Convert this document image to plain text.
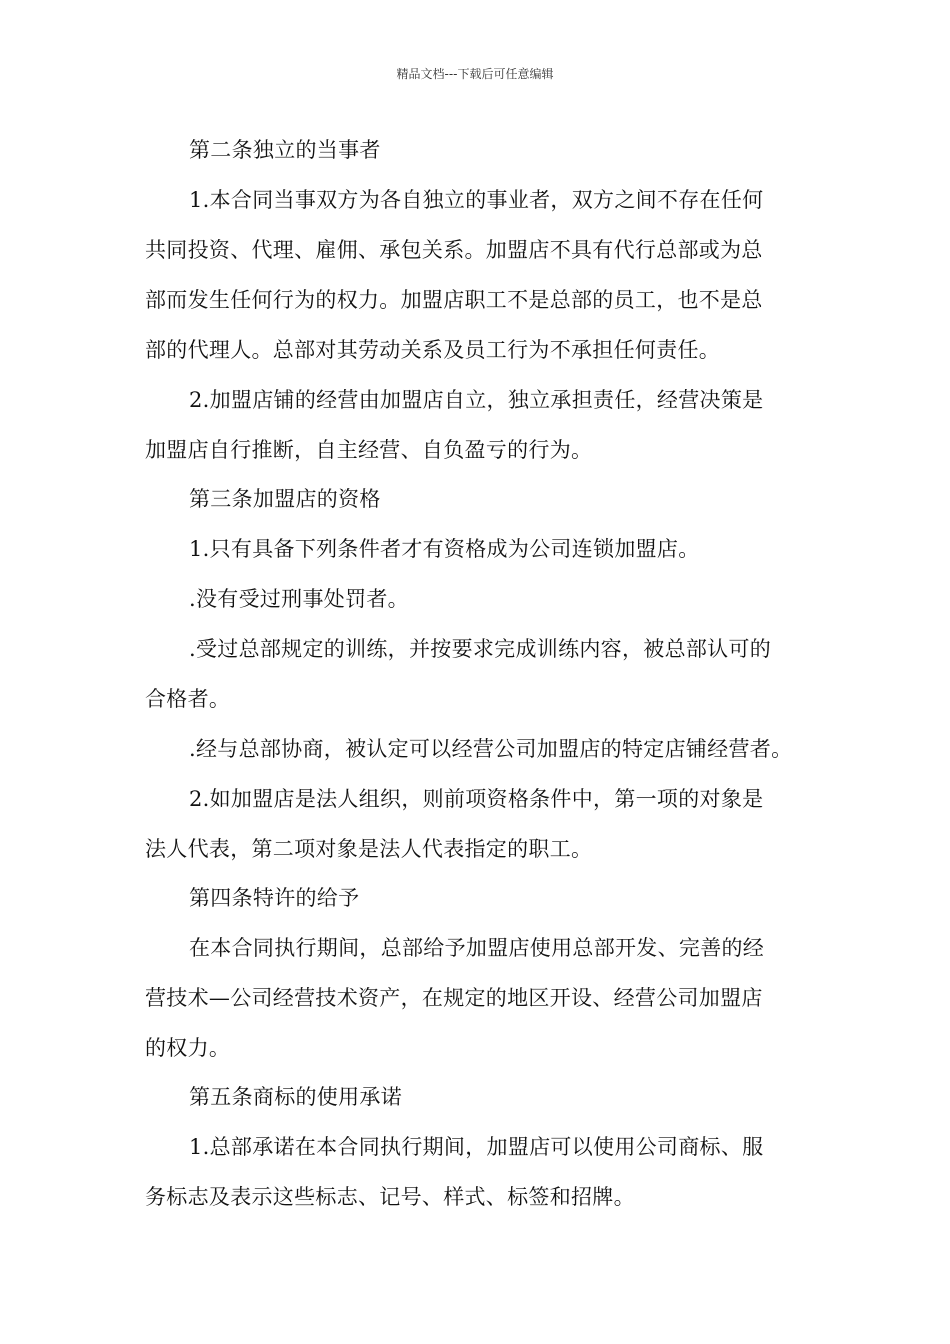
精品文档---下载后可任意编辑
第二条独立的当事者
1.本合同当事双方为各自独立的事业者，双方之间不存在任何
共同投资、代理、雇佣、承包关系。加盟店不具有代行总部或为总
部而发生任何行为的权力。加盟店职工不是总部的员工，也不是总
部的代理人。总部对其劳动关系及员工行为不承担任何责任。
2.加盟店铺的经营由加盟店自立，独立承担责任，经营决策是
加盟店自行推断，自主经营、自负盈亏的行为。
第三条加盟店的资格
1.只有具备下列条件者才有资格成为公司连锁加盟店。
.没有受过刑事处罚者。
.受过总部规定的训练，并按要求完成训练内容，被总部认可的
合格者。
.经与总部协商，被认定可以经营公司加盟店的特定店铺经营者。
2.如加盟店是法人组织，则前项资格条件中，第一项的对象是
法人代表，第二项对象是法人代表指定的职工。
第四条特许的给予
在本合同执行期间，总部给予加盟店使用总部开发、完善的经
营技术—公司经营技术资产，在规定的地区开设、经营公司加盟店
的权力。
第五条商标的使用承诺
1.总部承诺在本合同执行期间，加盟店可以使用公司商标、服
务标志及表示这些标志、记号、样式、标签和招牌。
